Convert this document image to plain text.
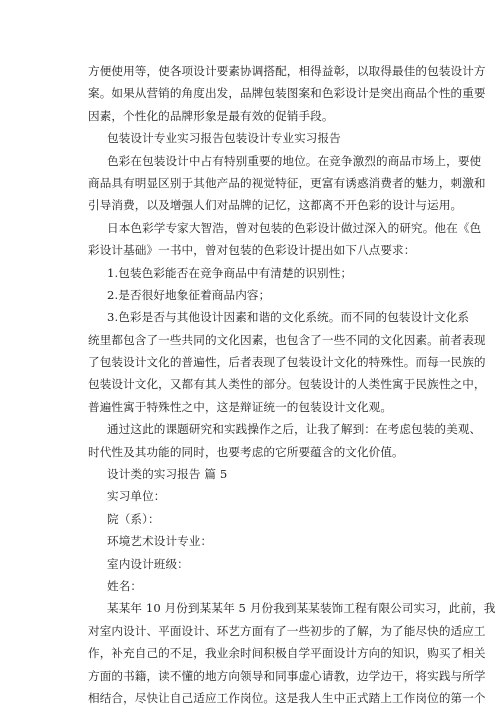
方便使用等，使各项设计要素协调搭配，相得益彰，以取得最佳的包装设计方
案。如果从营销的角度出发，品牌包装图案和色彩设计是突出商品个性的重要
因素，个性化的品牌形象是最有效的促销手段。
包装设计专业实习报告包装设计专业实习报告
色彩在包装设计中占有特别重要的地位。在竞争激烈的商品市场上，要使
商品具有明显区别于其他产品的视觉特征，更富有诱惑消费者的魅力，刺激和
引导消费，以及增强人们对品牌的记忆，这都离不开色彩的设计与运用。
日本色彩学专家大智浩，曾对包装的色彩设计做过深入的研究。他在《色
彩设计基础》一书中，曾对包装的色彩设计提出如下八点要求：
1.包装色彩能否在竞争商品中有清楚的识别性；
2.是否很好地象征着商品内容；
3.色彩是否与其他设计因素和谐的文化系统。而不同的包装设计文化系
统里都包含了一些共同的文化因素，也包含了一些不同的文化因素。前者表现
了包装设计文化的普遍性，后者表现了包装设计文化的特殊性。而每一民族的
包装设计文化，又都有其人类性的部分。包装设计的人类性寓于民族性之中，
普遍性寓于特殊性之中，这是辩证统一的包装设计文化观。
通过这此的课题研究和实践操作之后，让我了解到：在考虑包装的美观、
时代性及其功能的同时，也要考虑的它所要蕴含的文化价值。
设计类的实习报告 篇 5
实习单位：
院（系）：
环境艺术设计专业：
室内设计班级：
姓名：
某某年 10 月份到某某年 5 月份我到某某装饰工程有限公司实习，此前，我
对室内设计、平面设计、环艺方面有了一些初步的了解，为了能尽快的适应工
作，补充自己的不足，我业余时间积极自学平面设计方向的知识，购买了相关
方面的书籍，读不懂的地方向领导和同事虚心请教，边学边干，将实践与所学
相结合，尽快让自己适应工作岗位。这是我人生中正式踏上工作岗位的第一个
